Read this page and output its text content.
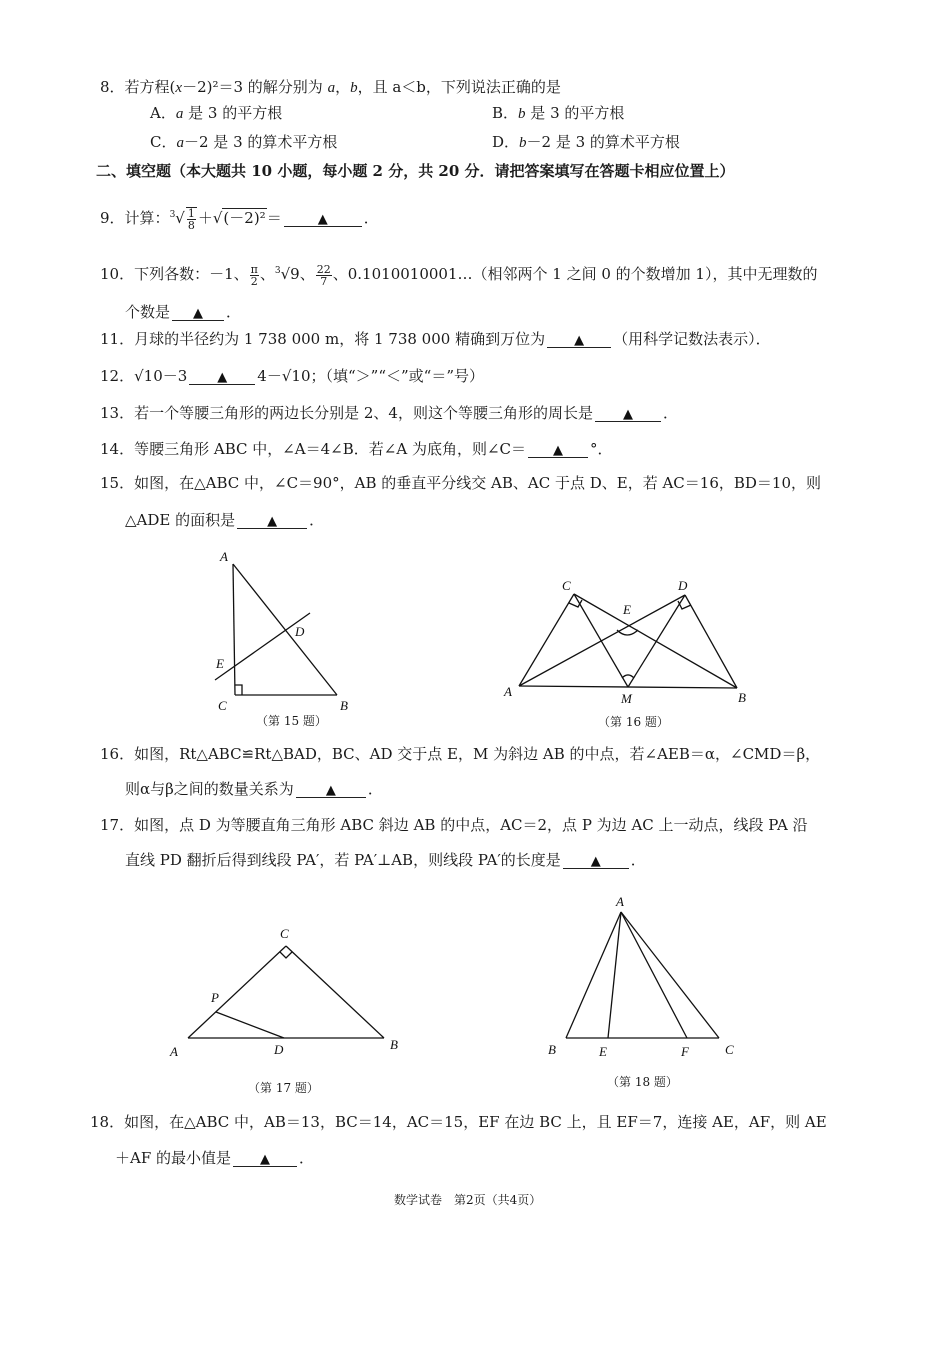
8．若方程(x－2)²＝3 的解分别为 a，b，且 a＜b，下列说法正确的是
A．a 是 3 的平方根	B．b 是 3 的平方根
C．a－2 是 3 的算术平方根	D．b－2 是 3 的算术平方根
二、填空题（本大题共 10 小题，每小题 2 分，共 20 分．请把答案填写在答题卡相应位置上）
9．计算：$^3√ \frac{1}{8} +√(-2)^2=$	▲ ．
10．下列各数：－1、 $\frac{\pi}{2}$ 、$^3$√9、 $\frac{22}{7}$ 、0.1010010001…（相邻两个 1 之间 0 的个数增加 1），其中无理数的
个数是 ▲ ．
11．月球的半径约为 1 738 000 m，将 1 738 000 精确到万位为 ▲ （用科学记数法表示）．
12．√10－3 ▲ 4－√10；（填“＞”“＜”或“＝”号）
13．若一个等腰三角形的两边长分别是 2、4，则这个等腰三角形的周长是 ▲ ．
14．等腰三角形 ABC 中，∠A＝4∠B．若∠A 为底角，则∠C＝ ▲ °．
15．如图，在△ABC 中，∠C＝90°，AB 的垂直平分线交 AB、AC 于点 D、E，若 AC＝16，BD＝10，则
△ADE 的面积是 ▲ ．
A
D
E
C	B
（第 15 题）
C	D
E
A	M	B
（第 16 题）
16．如图，Rt△ABC≌Rt△BAD，BC、AD 交于点 E，M 为斜边 AB 的中点，若∠AEB＝α，∠CMD＝β，
则α与β之间的数量关系为 ▲ ．
17．如图，点 D 为等腰直角三角形 ABC 斜边 AB 的中点，AC＝2，点 P 为边 AC 上一动点，线段 PA 沿
直线 PD 翻折后得到线段 PA′，若 PA′⊥AB，则线段 PA′的长度是 ▲ ．
C
P
A	D	B
（第 17 题）
A
B	E	F	C
（第 18 题）
18．如图，在△ABC 中，AB＝13，BC＝14，AC＝15，EF 在边 BC 上，且 EF＝7，连接 AE，AF，则 AE
＋AF 的最小值是 ▲ ．
数学试卷　第2页（共4页）
